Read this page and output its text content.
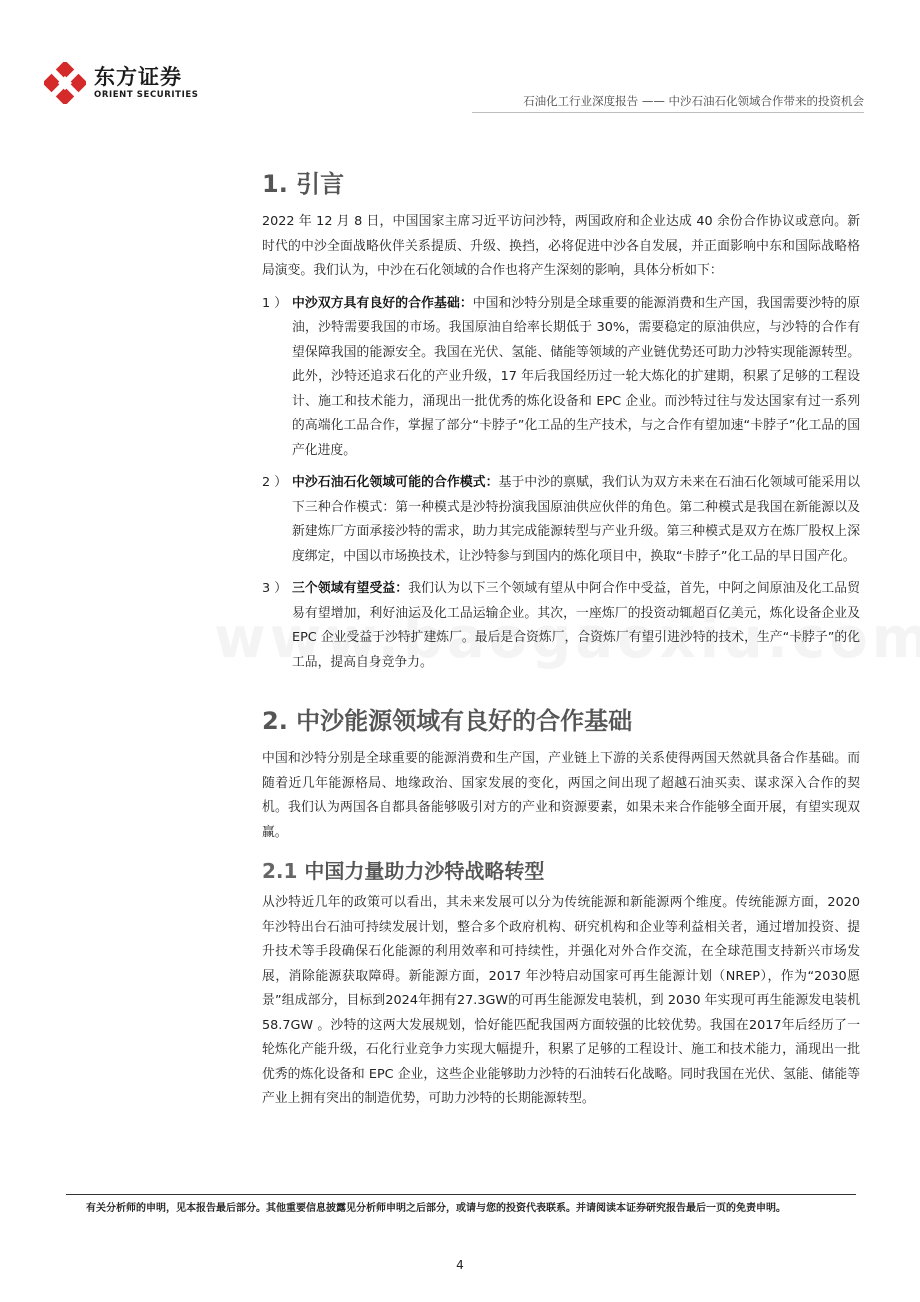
东方证券
ORIENT SECURITIES	石油化工行业深度报告 —— 中沙石油石化领域合作带来的投资机会
1. 引言

2022 年 12 月 8 日，中国国家主席习近平访问沙特，两国政府和企业达成 40 余份合作协议或意向。新时代的中沙全面战略伙伴关系提质、升级、换挡，必将促进中沙各自发展，并正面影响中东和国际战略格局演变。我们认为，中沙在石化领域的合作也将产生深刻的影响，具体分析如下：

1 ） 中沙双方具有良好的合作基础：中国和沙特分别是全球重要的能源消费和生产国，我国需要沙特的原油，沙特需要我国的市场。我国原油自给率长期低于 30%，需要稳定的原油供应，与沙特的合作有望保障我国的能源安全。我国在光伏、氢能、储能等领域的产业链优势还可助力沙特实现能源转型。此外，沙特还追求石化的产业升级，17 年后我国经历过一轮大炼化的扩建期，积累了足够的工程设计、施工和技术能力，涌现出一批优秀的炼化设备和 EPC 企业。而沙特过往与发达国家有过一系列的高端化工品合作，掌握了部分“卡脖子”化工品的生产技术，与之合作有望加速“卡脖子”化工品的国产化进度。
2 ） 中沙石油石化领域可能的合作模式：基于中沙的禀赋，我们认为双方未来在石油石化领域可能采用以下三种合作模式：第一种模式是沙特扮演我国原油供应伙伴的角色。第二种模式是我国在新能源以及新建炼厂方面承接沙特的需求，助力其完成能源转型与产业升级。第三种模式是双方在炼厂股权上深度绑定，中国以市场换技术，让沙特参与到国内的炼化项目中，换取“卡脖子”化工品的早日国产化。
3 ） 三个领域有望受益：我们认为以下三个领域有望从中阿合作中受益，首先，中阿之间原油及化工品贸易有望增加，利好油运及化工品运输企业。其次，一座炼厂的投资动辄超百亿美元，炼化设备企业及 EPC 企业受益于沙特扩建炼厂。最后是合资炼厂，合资炼厂有望引进沙特的技术，生产“卡脖子”的化工品，提高自身竞争力。
2. 中沙能源领域有良好的合作基础

中国和沙特分别是全球重要的能源消费和生产国，产业链上下游的关系使得两国天然就具备合作基础。而随着近几年能源格局、地缘政治、国家发展的变化，两国之间出现了超越石油买卖、谋求深入合作的契机。我们认为两国各自都具备能够吸引对方的产业和资源要素，如果未来合作能够全面开展，有望实现双赢。

2.1 中国力量助力沙特战略转型

从沙特近几年的政策可以看出，其未来发展可以分为传统能源和新能源两个维度。传统能源方面，2020 年沙特出台石油可持续发展计划，整合多个政府机构、研究机构和企业等利益相关者，通过增加投资、提升技术等手段确保石化能源的利用效率和可持续性，并强化对外合作交流，在全球范围支持新兴市场发展，消除能源获取障碍。新能源方面，2017 年沙特启动国家可再生能源计划（NREP），作为“2030愿景”组成部分，目标到2024年拥有27.3GW的可再生能源发电装机，到 2030 年实现可再生能源发电装机 58.7GW 。沙特的这两大发展规划，恰好能匹配我国两方面较强的比较优势。我国在2017年后经历了一轮炼化产能升级，石化行业竞争力实现大幅提升，积累了足够的工程设计、施工和技术能力，涌现出一批优秀的炼化设备和 EPC 企业，这些企业能够助力沙特的石油转石化战略。同时我国在光伏、氢能、储能等产业上拥有突出的制造优势，可助力沙特的长期能源转型。

有关分析师的申明，见本报告最后部分。其他重要信息披露见分析师申明之后部分，或请与您的投资代表联系。并请阅读本证券研究报告最后一页的免责申明。
4
